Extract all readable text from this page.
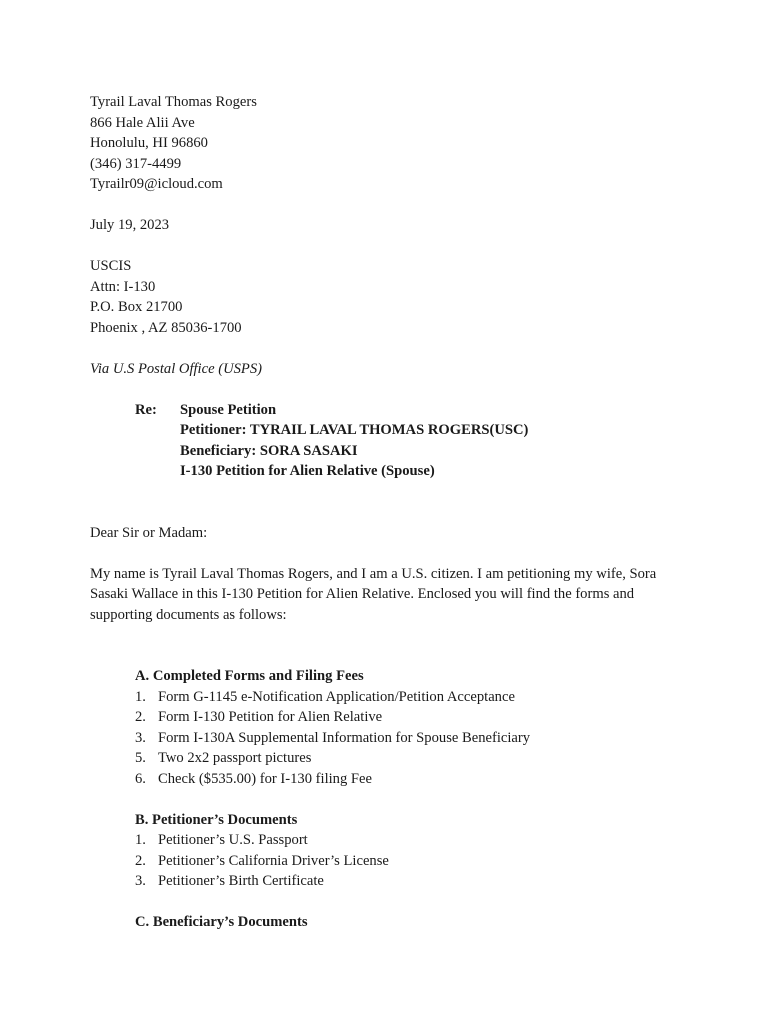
Tyrail Laval Thomas Rogers
866 Hale Alii Ave
Honolulu, HI 96860
(346) 317-4499
Tyrailr09@icloud.com
July 19, 2023
USCIS
Attn: I-130
P.O. Box 21700
Phoenix , AZ 85036-1700
Via U.S Postal Office (USPS)
Re:	Spouse Petition
Petitioner: TYRAIL LAVAL THOMAS ROGERS(USC)
Beneficiary: SORA SASAKI
I-130 Petition for Alien Relative (Spouse)
Dear Sir or Madam:
My name is Tyrail Laval Thomas Rogers, and I am a U.S. citizen. I am petitioning my wife, Sora Sasaki Wallace in this I-130 Petition for Alien Relative. Enclosed you will find the forms and supporting documents as follows:
A. Completed Forms and Filing Fees
1. Form G-1145 e-Notification Application/Petition Acceptance
2. Form I-130 Petition for Alien Relative
3. Form I-130A Supplemental Information for Spouse Beneficiary
5. Two 2x2 passport pictures
6. Check ($535.00) for I-130 filing Fee
B. Petitioner’s Documents
1. Petitioner’s U.S. Passport
2. Petitioner’s California Driver’s License
3. Petitioner’s Birth Certificate
C. Beneficiary’s Documents
